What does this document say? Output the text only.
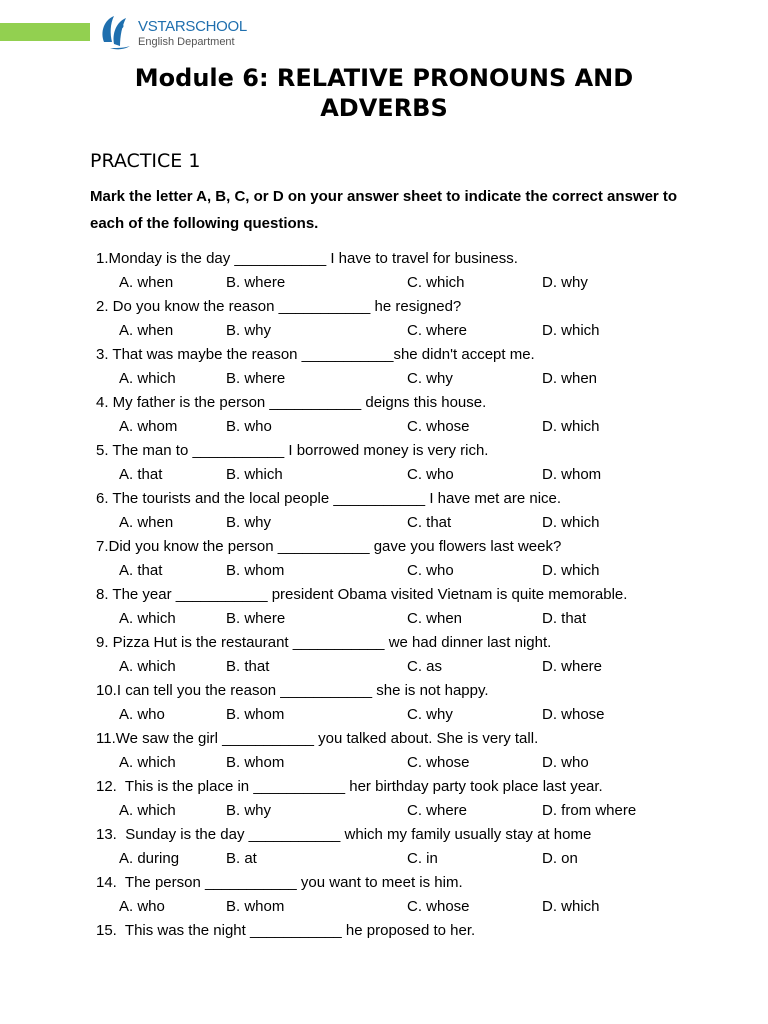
VSTARSCHOOL
English Department
Module 6: RELATIVE PRONOUNS AND ADVERBS
PRACTICE 1
Mark the letter A, B, C, or D on your answer sheet to indicate the correct answer to each of the following questions.
1.Monday is the day ___________ I have to travel for business.
A. when	B. where	C. which	D. why
2. Do you know the reason ___________ he resigned?
A. when	B. why	C. where	D. which
3. That was maybe the reason ___________she didn't accept me.
A. which	B. where	C. why	D. when
4. My father is the person ___________ deigns this house.
A. whom	B. who	C. whose	D. which
5. The man to ___________ I borrowed money is very rich.
A. that	B. which	C. who	D. whom
6. The tourists and the local people ___________ I have met are nice.
A. when	B. why	C. that	D. which
7.Did you know the person ___________ gave you flowers last week?
A. that	B. whom	C. who	D. which
8. The year ___________ president Obama visited Vietnam is quite memorable.
A. which	B. where	C. when	D. that
9. Pizza Hut is the restaurant ___________ we had dinner last night.
A. which	B. that	C. as	D. where
10.I can tell you the reason ___________ she is not happy.
A. who	B. whom	C. why	D. whose
11.We saw the girl ___________ you talked about. She is very tall.
A. which	B. whom	C. whose	D. who
12.  This is the place in ___________ her birthday party took place last year.
A. which	B. why	C. where	D. from where
13.  Sunday is the day ___________ which my family usually stay at home
A. during	B. at	C. in	D. on
14.  The person ___________ you want to meet is him.
A. who	B. whom	C. whose	D. which
15.  This was the night ___________ he proposed to her.
